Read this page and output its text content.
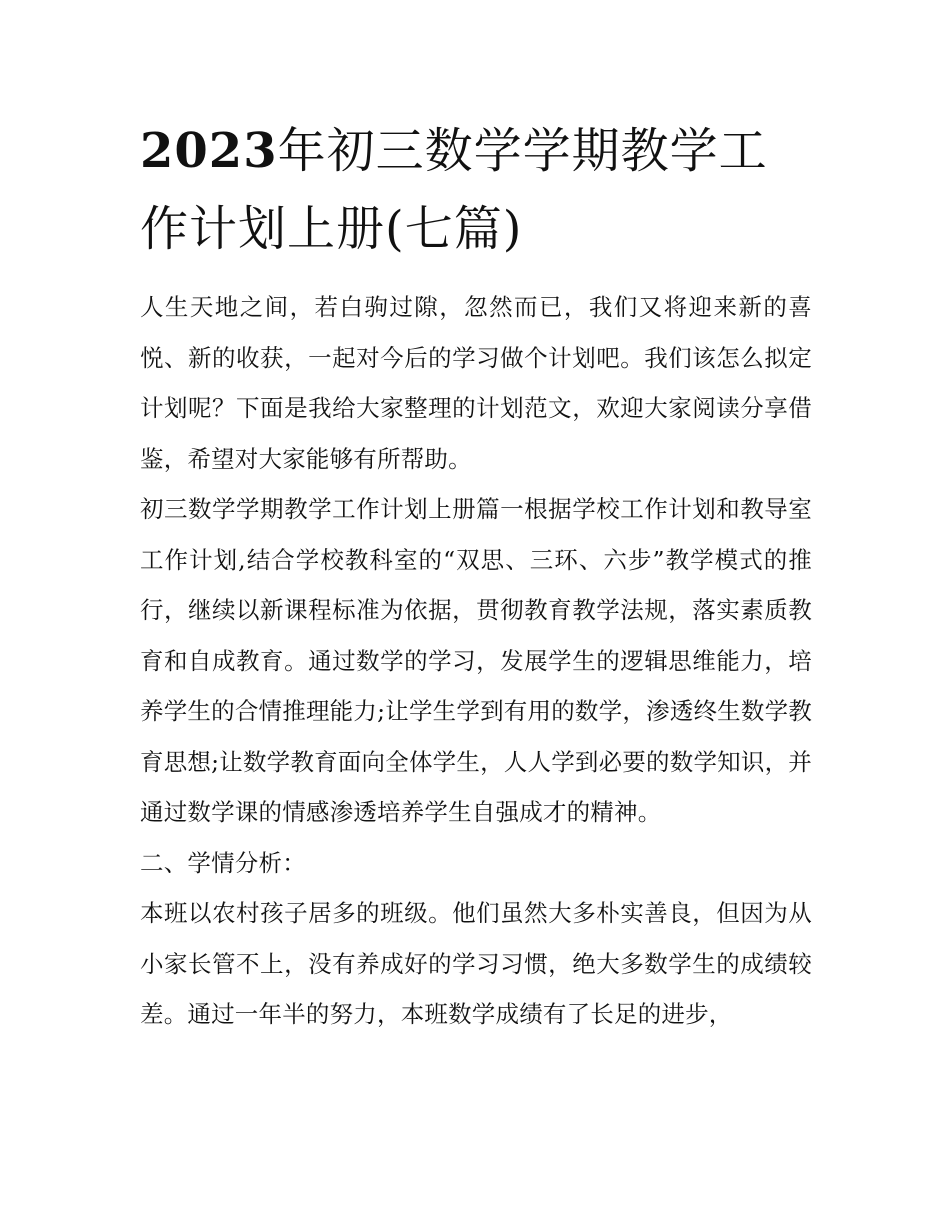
2023年初三数学学期教学工作计划上册(七篇)

人生天地之间，若白驹过隙，忽然而已，我们又将迎来新的喜悦、新的收获，一起对今后的学习做个计划吧。我们该怎么拟定计划呢？下面是我给大家整理的计划范文，欢迎大家阅读分享借鉴，希望对大家能够有所帮助。

初三数学学期教学工作计划上册篇一根据学校工作计划和教导室工作计划,结合学校教科室的“双思、三环、六步”教学模式的推行，继续以新课程标准为依据，贯彻教育教学法规，落实素质教育和自成教育。通过数学的学习，发展学生的逻辑思维能力，培养学生的合情推理能力;让学生学到有用的数学，渗透终生数学教育思想;让数学教育面向全体学生，人人学到必要的数学知识，并通过数学课的情感渗透培养学生自强成才的精神。

二、学情分析：

本班以农村孩子居多的班级。他们虽然大多朴实善良，但因为从小家长管不上，没有养成好的学习习惯，绝大多数学生的成绩较差。通过一年半的努力，本班数学成绩有了长足的进步，
